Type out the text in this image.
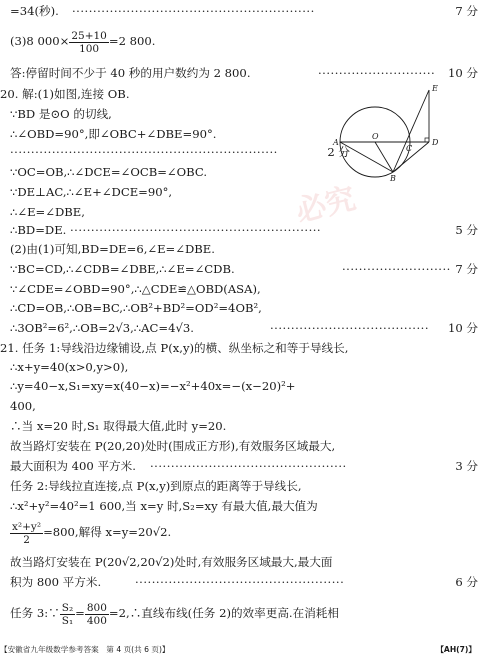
必究
=34(秒). ··························································	7 分
(3)8 $000\times \frac{25+10}{100} =2$ 800.
答:停留时间不少于 40 秒的用户数约为 2 800.	···························· 10 分
20. 解:(1)如图,连接 OB.
∵BD 是⊙O 的切线,
∴∠OBD=90°,即∠OBC+∠DBE=90°.
································································	2 分
∵OC=OB,∴∠DCE=∠OCB=∠OBC.
∵DE⊥AC,∴∠E+∠DCE=90°,
∴∠E=∠DBE,
∴BD=DE. ····························································	5 分
(2)由(1)可知,BD=DE=6,∠E=∠DBE.
∵BC=CD,∴∠CDB=∠DBE,∴∠E=∠CDB.	·························· 7 分
∵∠CDE=∠OBD=90°,∴△CDE≌△OBD(ASA),
∴CD=OB,∴OB=BC,∴OB²+BD²=OD²=4OB²,
∴3OB²=6²,∴OB=2√3,∴AC=4√3.	······································ 10 分
21. 任务 1:导线沿边缘铺设,点 P(x,y)的横、纵坐标之和等于导线长,
∴x+y=40(x>0,y>0),
∴y=40−x,S₁=xy=x(40−x)=−x²+40x=−(x−20)²+
400,
∴当 x=20 时,S₁ 取得最大值,此时 y=20.
故当路灯安装在 P(20,20)处时(围成正方形),有效服务区域最大,
最大面积为 400 平方米. ···············································	3 分
任务 2:导线拉直连接,点 P(x,y)到原点的距离等于导线长,
∴x²+y²=40²=1 600,当 x=y 时,S₂=xy 有最大值,最大值为
$\frac{\text{x²+y²}}{2} =800$,解得 x=y=20√2.
故当路灯安装在 P(20√2,20√2)处时,有效服务区域最大,最大面
积为 800 平方米.	··················································	6 分
任务 3:∵ $\frac{\text{S₂}}{\text{S₁}} = \frac{800}{400}$ =2,∴直线布线(任务 2)的效率更高.在消耗相
A
O
C
D
B
E
【安徽省九年级数学参考答案　第 4 页(共 6 页)】	【AH(7)】
